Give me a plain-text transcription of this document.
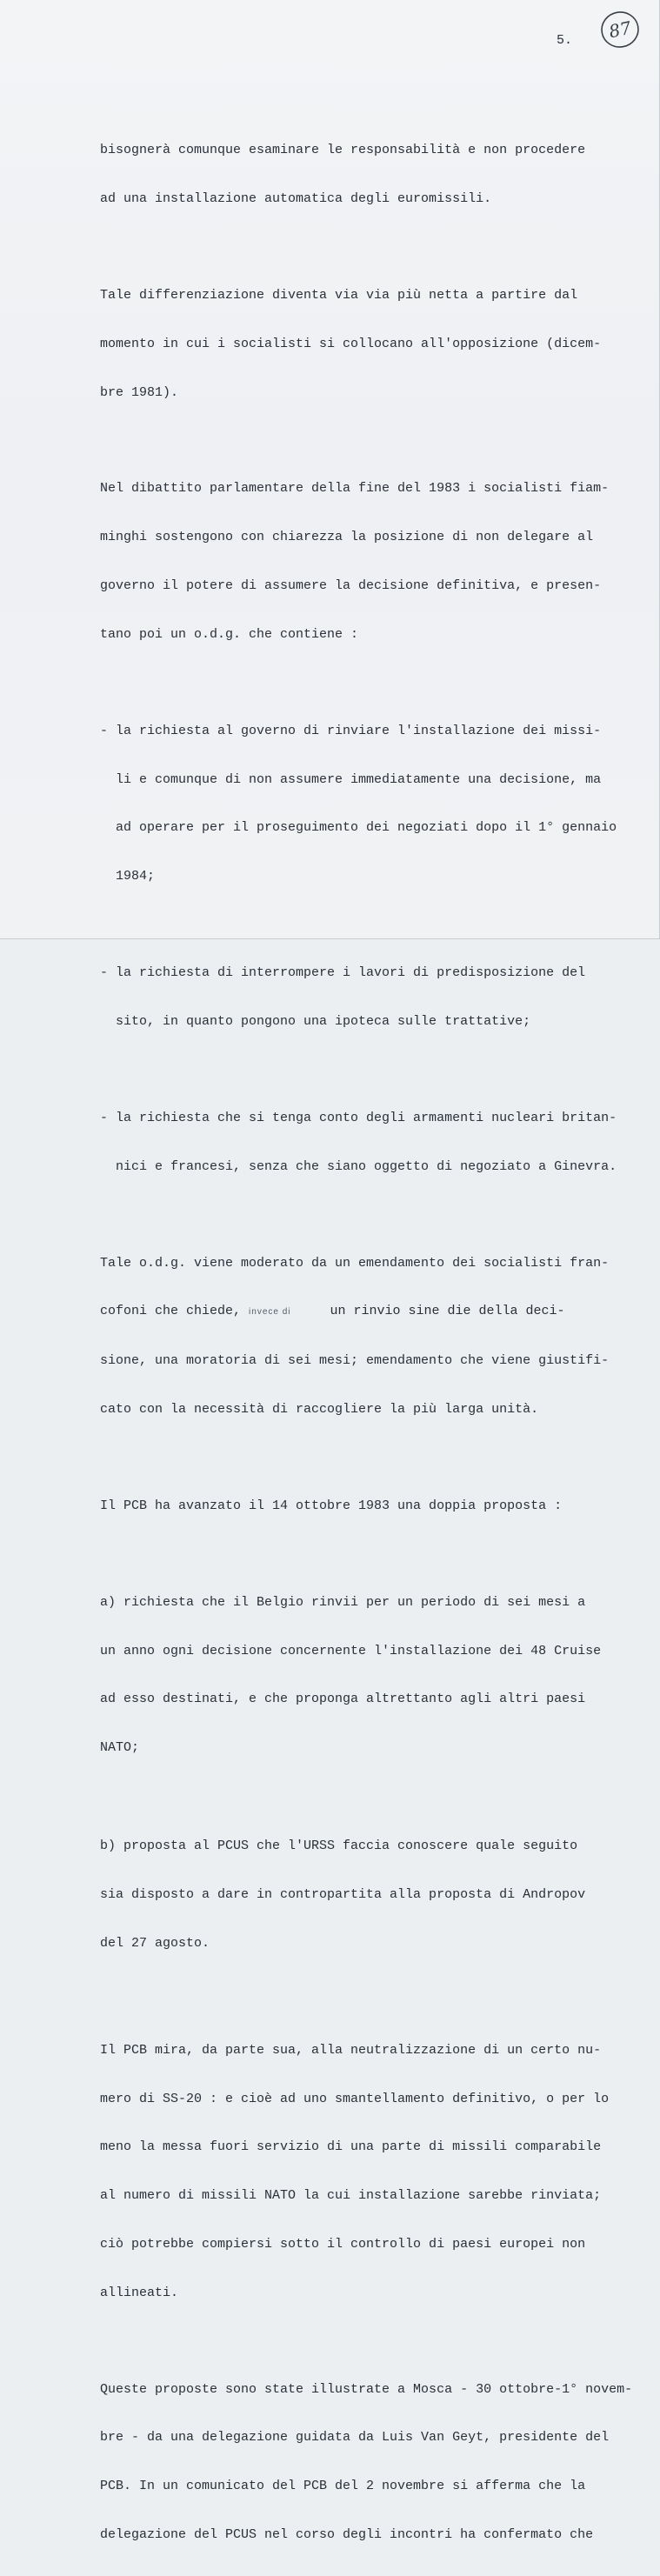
5.	87

bisognerà comunque esaminare le responsabilità e non procedere

ad una installazione automatica degli euromissili.

Tale differenziazione diventa via via più netta a partire dal

momento in cui i socialisti si collocano all'opposizione (dicem-

bre 1981).

Nel dibattito parlamentare della fine del 1983 i socialisti fiam-

minghi sostengono con chiarezza la posizione di non delegare al

governo il potere di assumere la decisione definitiva, e presen-

tano poi un o.d.g. che contiene :

- la richiesta al governo di rinviare l'installazione dei missi-

li e comunque di non assumere immediatamente una decisione, ma

ad operare per il proseguimento dei negoziati dopo il 1° gennaio

1984;

- la richiesta di interrompere i lavori di predisposizione del

sito, in quanto pongono una ipoteca sulle trattative;

- la richiesta che si tenga conto degli armamenti nucleari britan-

nici e francesi, senza che siano oggetto di negoziato a Ginevra.

Tale o.d.g. viene moderato da un emendamento dei socialisti fran-

cofoni che chiede, invece di     un rinvio sine die della deci-

sione, una moratoria di sei mesi; emendamento che viene giustifi-

cato con la necessità di raccogliere la più larga unità.

Il PCB ha avanzato il 14 ottobre 1983 una doppia proposta :

a) richiesta che il Belgio rinvii per un periodo di sei mesi a

un anno ogni decisione concernente l'installazione dei 48 Cruise

ad esso destinati, e che proponga altrettanto agli altri paesi

NATO;

b) proposta al PCUS che l'URSS faccia conoscere quale seguito

sia disposto a dare in contropartita alla proposta di Andropov

del 27 agosto.

Il PCB mira, da parte sua, alla neutralizzazione di un certo nu-

mero di SS-20 : e cioè ad uno smantellamento definitivo, o per lo

meno la messa fuori servizio di una parte di missili comparabile

al numero di missili NATO la cui installazione sarebbe rinviata;

ciò potrebbe compiersi sotto il controllo di paesi europei non

allineati.

Queste proposte sono state illustrate a Mosca - 30 ottobre-1° novem-

bre - da una delegazione guidata da Luis Van Geyt, presidente del

PCB. In un comunicato del PCB del 2 novembre si afferma che la

delegazione del PCUS nel corso degli incontri ha confermato che
